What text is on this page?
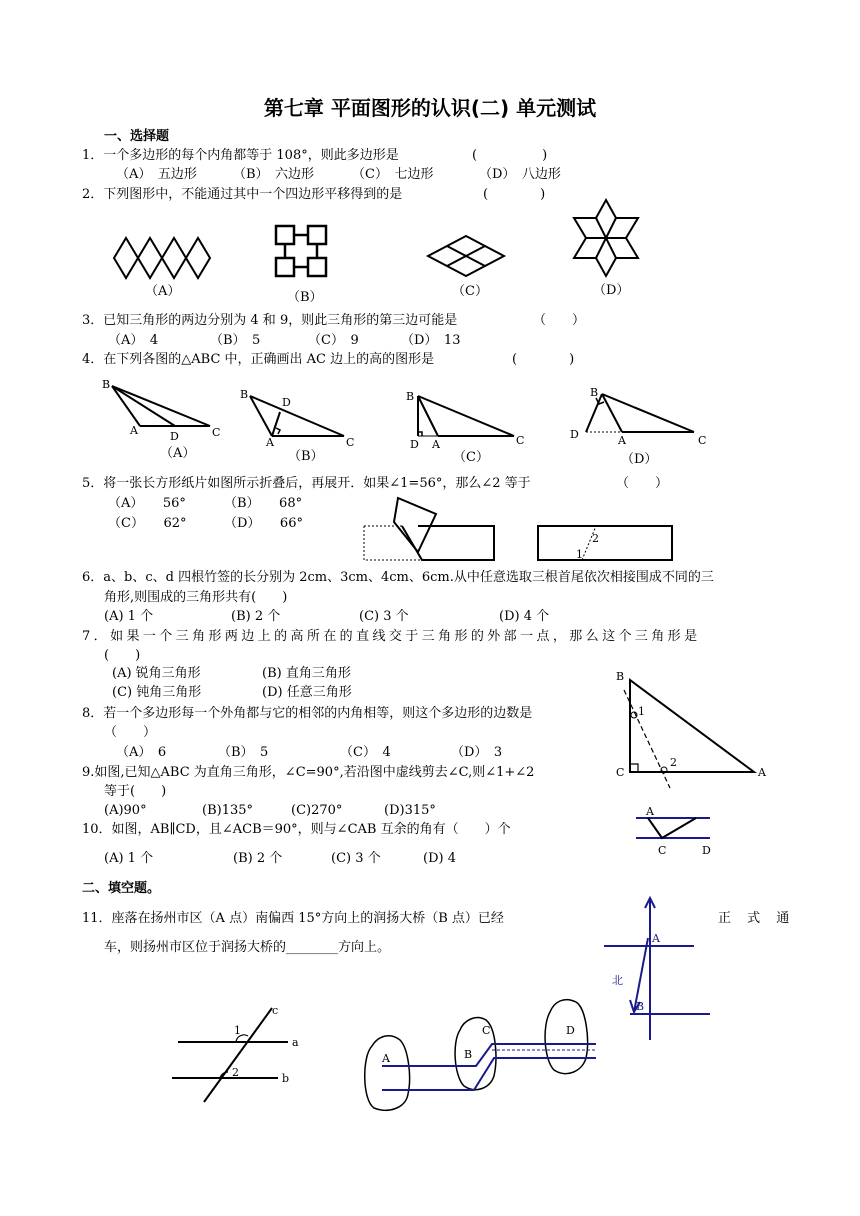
第七章 平面图形的认识(二) 单元测试
一、选择题
1．一个多边形的每个内角都等于 108°，则此多边形是	(　　　　　)
（A）　五边形	（B）　六边形	（C）　七边形	（D）　八边形
2．下列图形中，不能通过其中一个四边形平移得到的是	(　　　　)
（A）	（B）	（C）	（D）
3．已知三角形的两边分别为 4 和 9，则此三角形的第三边可能是	（　　）
（A）　4	（B）　5	（C）　9	（D）　13
4．在下列各图的△ABC 中，正确画出 AC 边上的高的图形是	(　　　　)
B
A	D	C
（A）
B
D
A	C
（B）
B
D A	C
（C）
B
D	A	C
（D）
5．将一张长方形纸片如图所示折叠后，再展开．如果∠1=56°，那么∠2 等于	（　　）
（A）　　56°	（B）　　68°
（C）　　62°	（D）　　66°
2
1
6．a、b、c、d 四根竹签的长分别为 2cm、3cm、4cm、6cm.从中任意选取三根首尾依次相接围成不同的三
角形,则围成的三角形共有(　　)
(A) 1 个	(B) 2 个	(C) 3 个	(D) 4 个
7．如果一个三角形两边上的高所在的直线交于三角形的外部一点，那么这个三角形是
(　　)
(A) 锐角三角形	(B) 直角三角形
(C) 钝角三角形	(D) 任意三角形
8．若一个多边形每一个外角都与它的相邻的内角相等，则这个多边形的边数是
（　　）
（A）　6	（B）　5	（C）　4	（D）　3
B
1
2
C	A
9.如图,已知△ABC 为直角三角形，∠C=90°,若沿图中虚线剪去∠C,则∠1+∠2
等于(　　)
(A)90°	(B)135°	(C)270°	(D)315°
10．如图，AB∥CD，且∠ACB＝90°，则与∠CAB 互余的角有（　　）个
(A) 1 个	(B) 2 个	(C) 3 个	(D) 4
A
C	D
二、填空题。
11．座落在扬州市区（A 点）南偏西 15°方向上的润扬大桥（B 点）已经	正 式 通
车，则扬州市区位于润扬大桥的________方向上。
A
B
北
1
2
a
b
c
A	B
C	D
